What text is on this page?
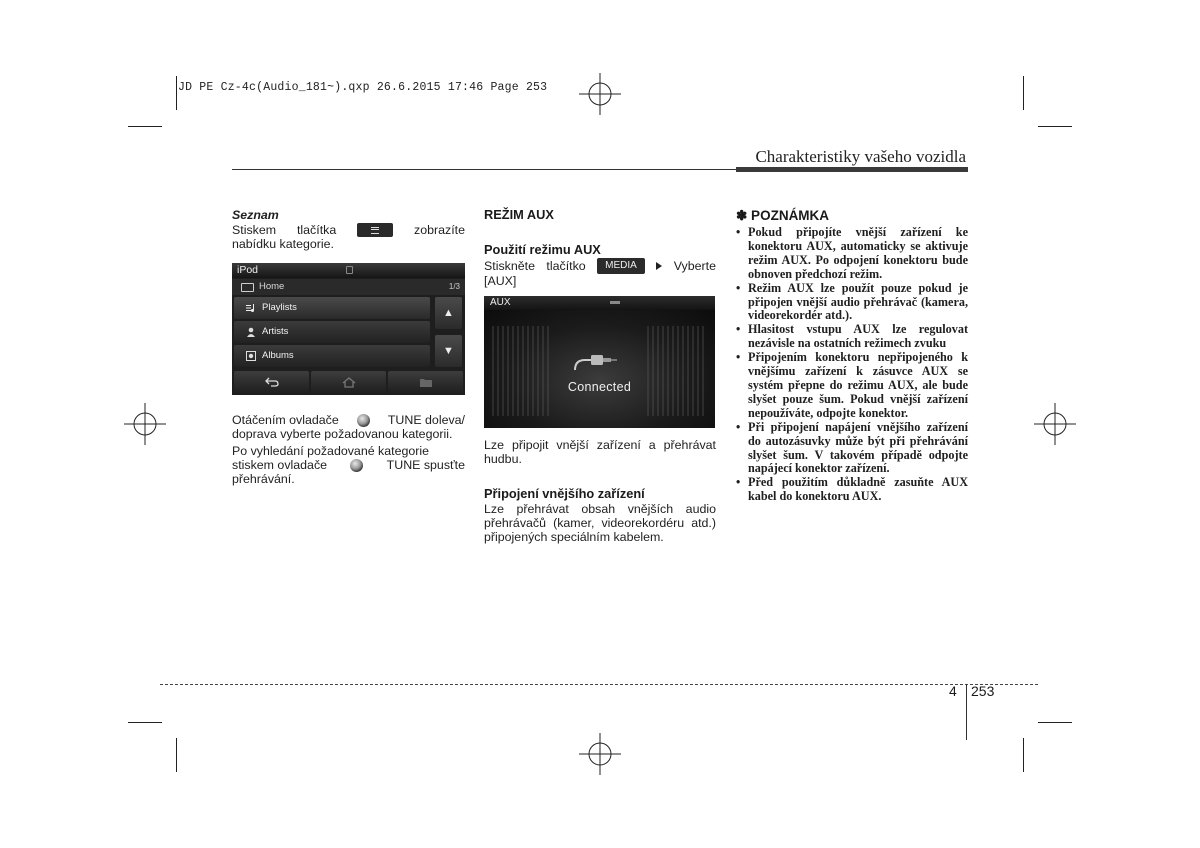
JD PE Cz-4c(Audio_181~).qxp 26.6.2015 17:46 Page 253
Charakteristiky vašeho vozidla
Seznam
Stiskem tlačítka	zobrazíte
nabídku kategorie.
iPod
Home	1/3
Playlists
Artists
Albums
▲
▼
Otáčením ovladače	TUNE doleva/
doprava vyberte požadovanou kategorii.
Po vyhledání požadované kategorie
stiskem ovladače	TUNE spusťte
přehrávání.
REŽIM AUX
Použití režimu AUX
Stiskněte tlačítko	MEDIA	Vyberte
[AUX]
AUX
Connected
Lze připojit vnější zařízení a přehrávat hudbu.
Připojení vnějšího zařízení
Lze přehrávat obsah vnějších audio přehrávačů (kamer, videorekordéru atd.) připojených speciálním kabelem.
✽ POZNÁMKA
• Pokud připojíte vnější zařízení ke konektoru AUX, automaticky se aktivuje režim AUX. Po odpojení konektoru bude obnoven předchozí režim.
• Režim AUX lze použít pouze pokud je připojen vnější audio přehrávač (kamera, videorekordér atd.).
• Hlasitost vstupu AUX lze regulovat nezávisle na ostatních režimech zvuku
• Připojením konektoru nepřipojeného k vnějšímu zařízení k zásuvce AUX se systém přepne do režimu AUX, ale bude slyšet pouze šum. Pokud vnější zařízení nepoužíváte, odpojte konektor.
• Při připojení napájení vnějšího zařízení do autozásuvky může být při přehrávání slyšet šum. V takovém případě odpojte napájecí konektor zařízení.
• Před použitím důkladně zasuňte AUX kabel do konektoru AUX.
4 253
